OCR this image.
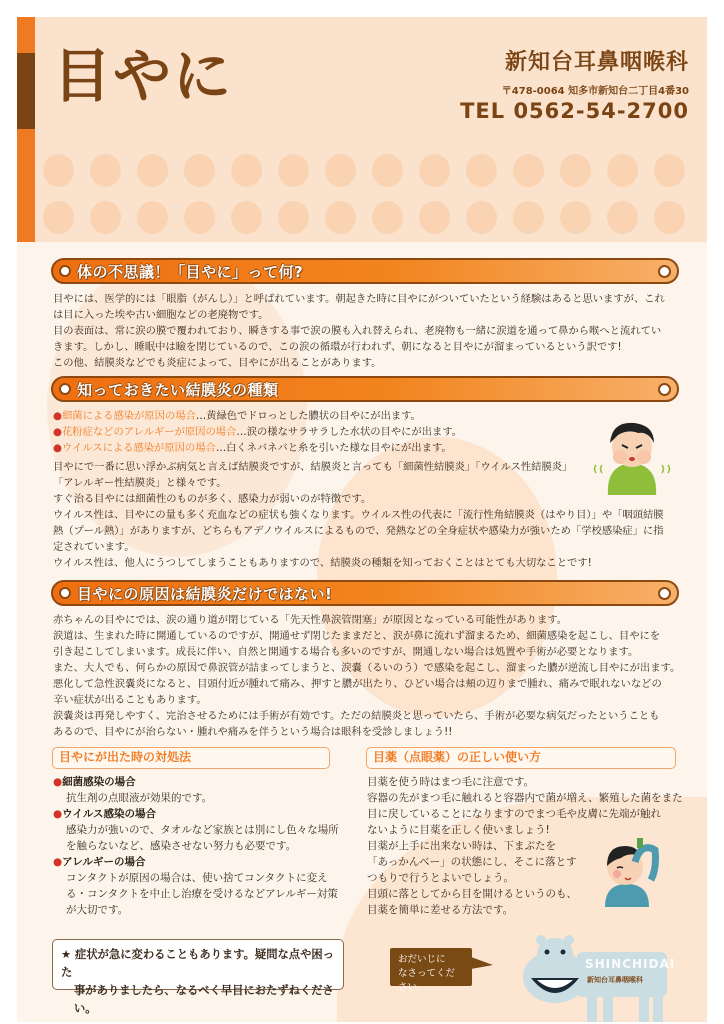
目やに	新知台耳鼻咽喉科
〒478-0064 知多市新知台二丁目4番30
TEL 0562-54-2700
体の不思議！「目やに」って何?

目やには、医学的には「眼脂（がんし）」と呼ばれています。朝起きた時に目やにがついていたという経験はあると思いますが、これ

は目に入った埃や古い細胞などの老廃物です。

目の表面は、常に涙の膜で覆われており、瞬きする事で涙の膜も入れ替えられ、老廃物も一緒に涙道を通って鼻から喉へと流れてい

きます。しかし、睡眠中は瞼を閉じているので、この涙の循環が行われず、朝になると目やにが溜まっているという訳です!

この他、結膜炎などでも炎症によって、目やにが出ることがあります。

知っておきたい結膜炎の種類
●細菌による感染が原因の場合…黄緑色でドロっとした膿状の目やにが出ます。
●花粉症などのアレルギーが原因の場合…涙の様なサラサラした水状の目やにが出ます。
●ウイルスによる感染が原因の場合…白くネバネバと糸を引いた様な目やにが出ます。

目やにで一番に思い浮かぶ病気と言えば結膜炎ですが、結膜炎と言っても「細菌性結膜炎」「ウイルス性結膜炎」

「アレルギー性結膜炎」と様々です。

すぐ治る目やには細菌性のものが多く、感染力が弱いのが特徴です。

ウイルス性は、目やにの量も多く充血などの症状も強くなります。ウイルス性の代表に「流行性角結膜炎（はやり目）」や「咽頭結膜

熱（プール熱）」がありますが、どちらもアデノウイルスによるもので、発熱などの全身症状や感染力が強いため「学校感染症」に指

定されています。

ウイルス性は、他人にうつしてしまうこともありますので、結膜炎の種類を知っておくことはとても大切なことです!

目やにの原因は結膜炎だけではない!

赤ちゃんの目やにでは、涙の通り道が閉じている「先天性鼻涙管閉塞」が原因となっている可能性があります。

涙道は、生まれた時に開通しているのですが、開通せず閉じたままだと、涙が鼻に流れず溜まるため、細菌感染を起こし、目やにを

引き起こしてしまいます。成長に伴い、自然と開通する場合も多いのですが、開通しない場合は処置や手術が必要となります。

また、大人でも、何らかの原因で鼻涙管が詰まってしまうと、涙嚢（るいのう）で感染を起こし、溜まった膿が逆流し目やにが出ます。

悪化して急性涙嚢炎になると、目頭付近が腫れて痛み、押すと膿が出たり、ひどい場合は頬の辺りまで腫れ、痛みで眠れないなどの

辛い症状が出ることもあります。

涙嚢炎は再発しやすく、完治させるためには手術が有効です。ただの結膜炎と思っていたら、手術が必要な病気だったということも

あるので、目やにが治らない・腫れや痛みを伴うという場合は眼科を受診しましょう!!

目やにが出た時の対処法
●細菌感染の場合
抗生剤の点眼液が効果的です。
●ウイルス感染の場合
感染力が強いので、タオルなど家族とは別にし色々な場所
を触らないなど、感染させない努力も必要です。
●アレルギーの場合
コンタクトが原因の場合は、使い捨てコンタクトに変え
る・コンタクトを中止し治療を受けるなどアレルギー対策
が大切です。
目薬（点眼薬）の正しい使い方
目薬を使う時はまつ毛に注意です。
容器の先がまつ毛に触れると容器内で菌が増え、繁殖した菌をまた
目に戻していることになりますのでまつ毛や皮膚に先端が触れ
ないように目薬を正しく使いましょう!
目薬が上手に出来ない時は、下まぶたを
「あっかんべー」の状態にし、そこに落とす
つもりで行うとよいでしょう。
目頭に落としてから目を開けるというのも、
目薬を簡単に差せる方法です。
★ 症状が急に変わることもあります。疑問な点や困った
事がありましたら、なるべく早目におたずねください。
おだいじに
なさってください。
SHINCHIDAI
新知台耳鼻咽喉科
